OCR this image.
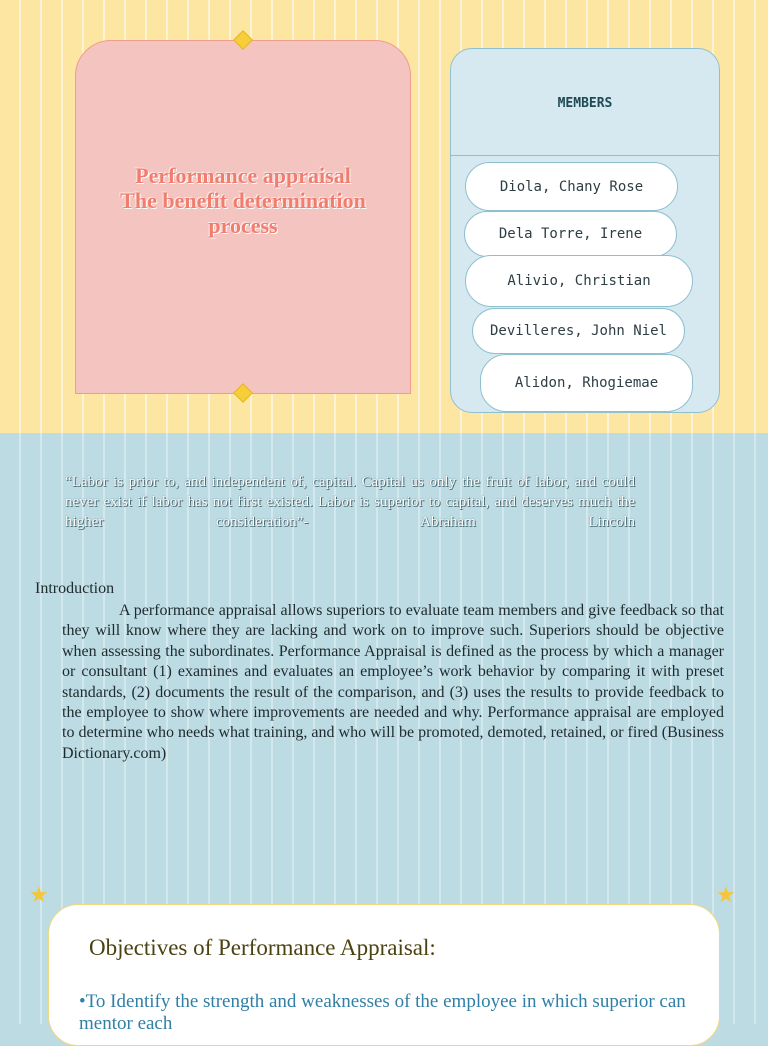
Performance appraisal
The benefit determination
process
MEMBERS
Diola, Chany Rose
Dela Torre, Irene
Alivio, Christian
Devilleres, John Niel
Alidon, Rhogiemae
“Labor is prior to, and independent of, capital. Capital us only the fruit of labor, and could never exist if labor has not first existed. Labor is superior to capital, and deserves much the higher consideration”- Abraham Lincoln
Introduction
A performance appraisal allows superiors to evaluate team members and give feedback so that they will know where they are lacking and work on to improve such. Superiors should be objective when assessing the subordinates. Performance Appraisal is defined as the process by which a manager or consultant (1) examines and evaluates an employee’s work behavior by comparing it with preset standards, (2) documents the result of the comparison, and (3) uses the results to provide feedback to the employee to show where improvements are needed and why. Performance appraisal are employed to determine who needs what training, and who will be promoted, demoted, retained, or fired (Business Dictionary.com)
★	★
Objectives of Performance Appraisal:
•To Identify the strength and weaknesses of the employee in which superior can mentor each
